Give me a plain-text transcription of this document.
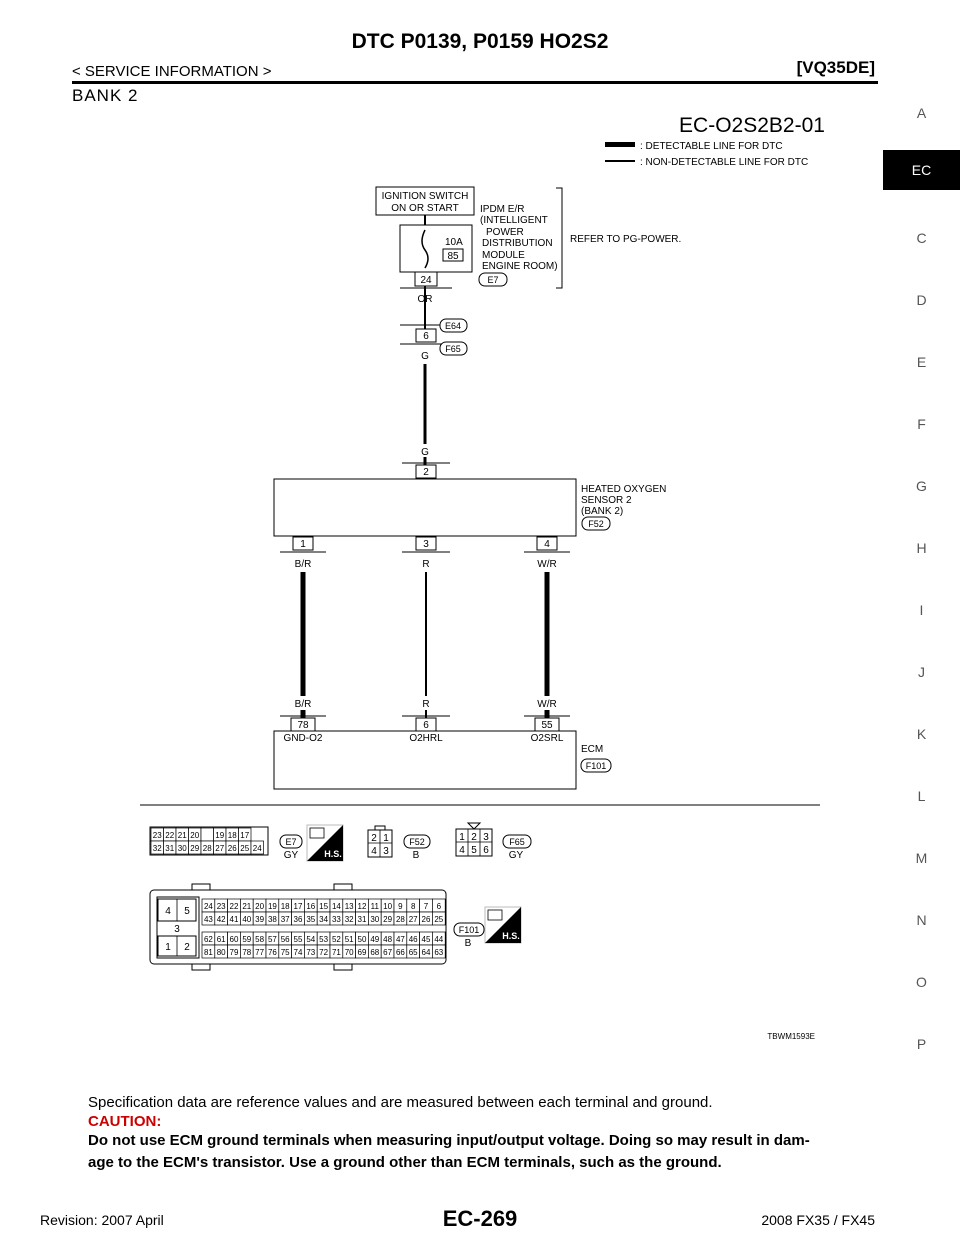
DTC P0139, P0159 HO2S2
< SERVICE INFORMATION >	[VQ35DE]
BANK 2
A
EC
C
D
E
F
G
H
I
J
K
L
M
N
O
P
EC-O2S2B2-01
: DETECTABLE LINE FOR DTC
: NON-DETECTABLE LINE FOR DTC
IGNITION SWITCH
ON OR START
10A
85
24
IPDM E/R
(INTELLIGENT
POWER
DISTRIBUTION
MODULE
ENGINE ROOM)
E7
REFER TO PG-POWER.
OR
6
E64
F65
G
G
2
HEATED OXYGEN
SENSOR 2
(BANK 2)
F52
1	3	4
B/R	R	W/R
B/R	R	W/R
78	6	55
GND-O2	O2HRL	O2SRL
ECM
F101
23 22 21 20 19 18 17
32 31 30 29 28 27 26 25 24
E7
GY	H.S.
2 1
4 3
F52
B
1 2 3
4 5 6
F65
GY
4 5
3
1 2
24 23 22 21 20 19 18 17 16 15 14 13 12 11 10 9 8 7 6
43 42 41 40 39 38 37 36 35 34 33 32 31 30 29 28 27 26 25
62 61 60 59 58 57 56 55 54 53 52 51 50 49 48 47 46 45 44
81 80 79 78 77 76 75 74 73 72 71 70 69 68 67 66 65 64 63
F101
B
H.S.
TBWM1593E
Specification data are reference values and are measured between each terminal and ground.
CAUTION:
Do not use ECM ground terminals when measuring input/output voltage. Doing so may result in dam-
age to the ECM's transistor. Use a ground other than ECM terminals, such as the ground.
Revision: 2007 April	EC-269	2008 FX35 / FX45
